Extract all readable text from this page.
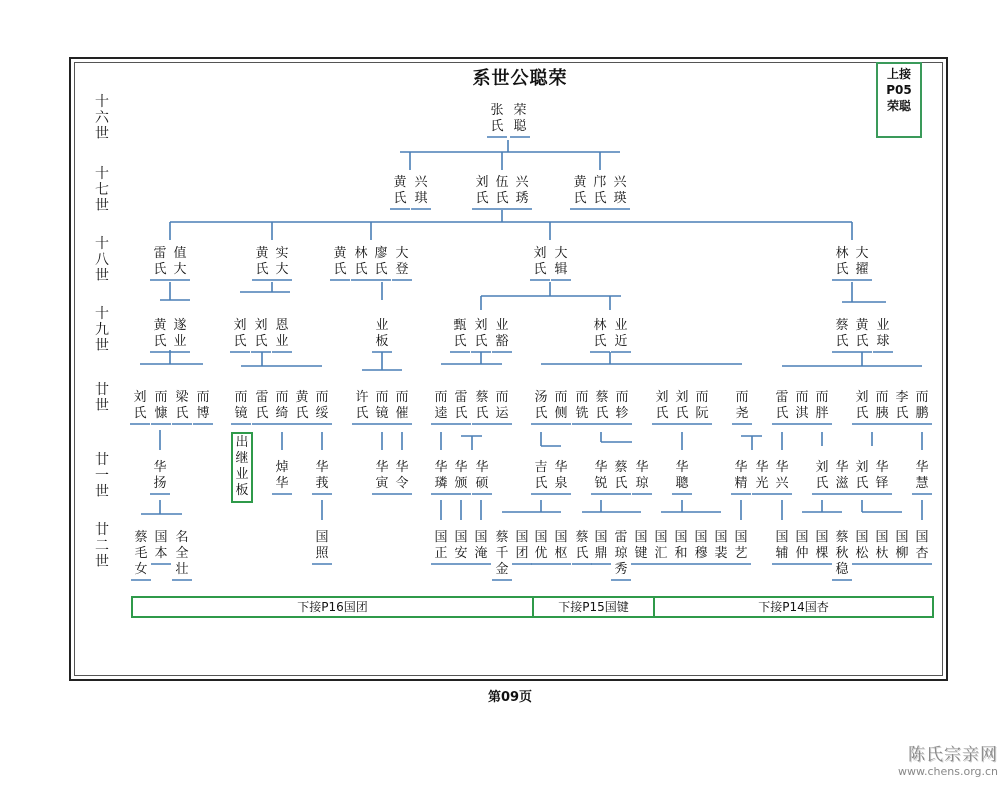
张氏
荣聪
黄氏
兴琪
刘氏
伍氏
兴琇
黄氏
邝氏
兴瑛
雷氏
值大
黄氏
实大
黄氏
林氏
廖氏
大登
刘氏
大辑
林氏
大擢
黄氏
遂业
刘氏
刘氏
恩业
业板
甄氏
刘氏
业豁
林氏
业近
蔡氏
黄氏
业球
刘氏
而慷
梁氏
而博
而镜
雷氏
而绮
黄氏
而绥
许氏
而镜
而催
而逵
雷氏
蔡氏
而运
汤氏
而侧
而铣
蔡氏
而轸
刘氏
刘氏
而阮
而尧
雷氏
而淇
而胖
刘氏
而胰
李氏
而鹏
华扬
焯华
华莪
华寅
华令
华璘
华颁
华硕
吉氏
华泉
华锐
蔡氏
华琼
华聰
华精
华光
华兴
刘氏
华滋
刘氏
华铎
华慧
蔡毛女
国本
名全壮
国照
国正
国安
国淹
蔡千金
国团
国优
国枢
蔡氏
国鼎
雷琼秀
国键
国汇
国和
国穆
国裴
国艺
国辅
国仲
国棵
蔡秋稳
国松
国杕
国柳
国杏
系世公聪荣	上接
P05
荣聪
十
六
世
十
七
世
十
八
世
十
九
世
廿
世
廿
一
世
廿
二
世
出
继
业
板
下接P16国团	下接P15国键	下接P14国杏
第09页
陈氏宗亲网
www.chens.org.cn
